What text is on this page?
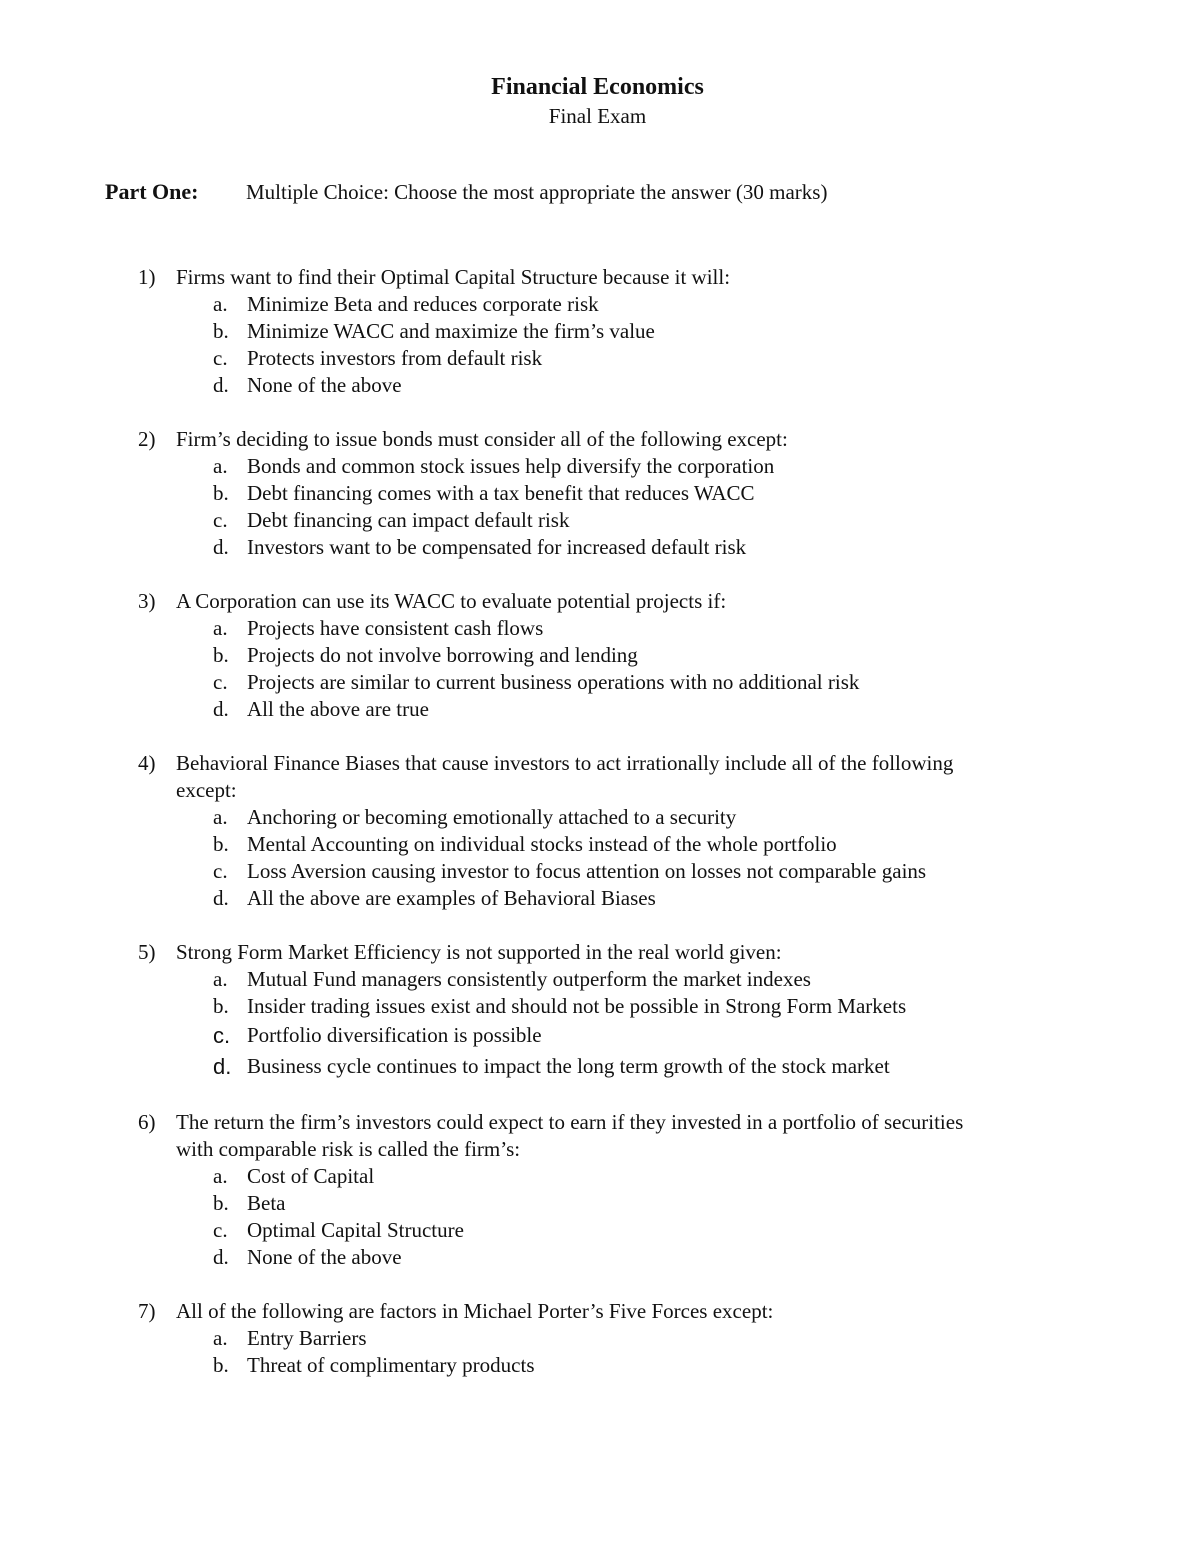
Financial Economics
Final Exam
Part One: Multiple Choice: Choose the most appropriate the answer (30 marks)
1) Firms want to find their Optimal Capital Structure because it will:
a. Minimize Beta and reduces corporate risk
b. Minimize WACC and maximize the firm’s value
c. Protects investors from default risk
d. None of the above
2) Firm’s deciding to issue bonds must consider all of the following except:
a. Bonds and common stock issues help diversify the corporation
b. Debt financing comes with a tax benefit that reduces WACC
c. Debt financing can impact default risk
d. Investors want to be compensated for increased default risk
3) A Corporation can use its WACC to evaluate potential projects if:
a. Projects have consistent cash flows
b. Projects do not involve borrowing and lending
c. Projects are similar to current business operations with no additional risk
d. All the above are true
4) Behavioral Finance Biases that cause investors to act irrationally include all of the following
except:
a. Anchoring or becoming emotionally attached to a security
b. Mental Accounting on individual stocks instead of the whole portfolio
c. Loss Aversion causing investor to focus attention on losses not comparable gains
d. All the above are examples of Behavioral Biases
5) Strong Form Market Efficiency is not supported in the real world given:
a. Mutual Fund managers consistently outperform the market indexes
b. Insider trading issues exist and should not be possible in Strong Form Markets
c. Portfolio diversification is possible
d. Business cycle continues to impact the long term growth of the stock market
6) The return the firm’s investors could expect to earn if they invested in a portfolio of securities
with comparable risk is called the firm’s:
a. Cost of Capital
b. Beta
c. Optimal Capital Structure
d. None of the above
7) All of the following are factors in Michael Porter’s Five Forces except:
a. Entry Barriers
b. Threat of complimentary products
